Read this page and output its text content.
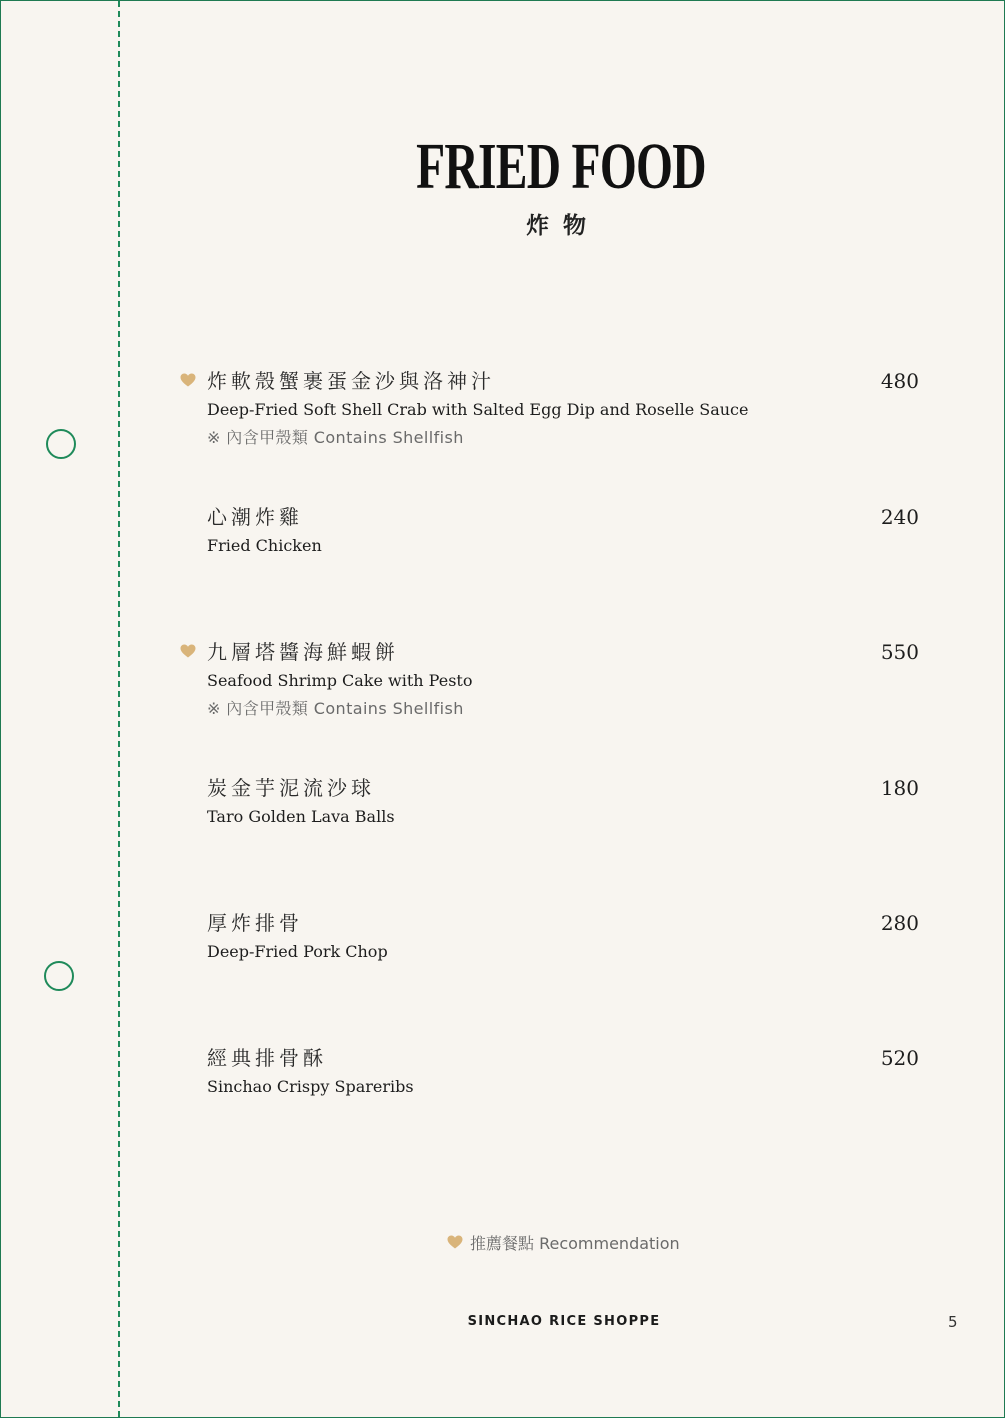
FRIED FOOD
炸物
炸軟殼蟹裹蛋金沙與洛神汁
Deep-Fried Soft Shell Crab with Salted Egg Dip and Roselle Sauce
※ 內含甲殼類 Contains Shellfish
480
心潮炸雞
Fried Chicken
240
九層塔醬海鮮蝦餅
Seafood Shrimp Cake with Pesto
※ 內含甲殼類 Contains Shellfish
550
炭金芋泥流沙球
Taro Golden Lava Balls
180
厚炸排骨
Deep-Fried Pork Chop
280
經典排骨酥
Sinchao Crispy Spareribs
520
推薦餐點 Recommendation
SINCHAO RICE SHOPPE	5
